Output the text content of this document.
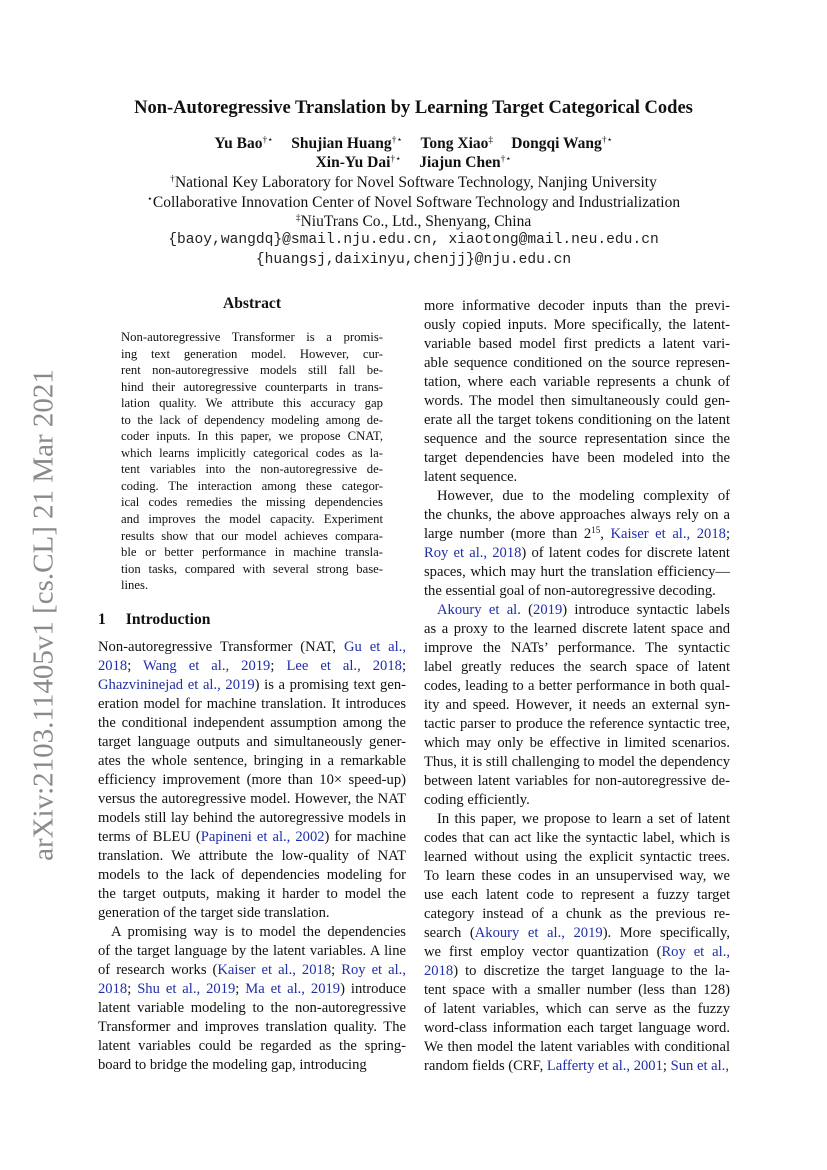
arXiv:2103.11405v1 [cs.CL] 21 Mar 2021
Non-Autoregressive Translation by Learning Target Categorical Codes
Yu Bao†⋆ Shujian Huang†⋆ Tong Xiao‡ Dongqi Wang†⋆
Xin-Yu Dai†⋆ Jiajun Chen†⋆
†National Key Laboratory for Novel Software Technology, Nanjing University
⋆Collaborative Innovation Center of Novel Software Technology and Industrialization
‡NiuTrans Co., Ltd., Shenyang, China
{baoy,wangdq}@smail.nju.edu.cn, xiaotong@mail.neu.edu.cn
{huangsj,daixinyu,chenjj}@nju.edu.cn
Abstract
Non-autoregressive Transformer is a promis-
ing text generation model. However, cur-
rent non-autoregressive models still fall be-
hind their autoregressive counterparts in trans-
lation quality. We attribute this accuracy gap
to the lack of dependency modeling among de-
coder inputs. In this paper, we propose CNAT,
which learns implicitly categorical codes as la-
tent variables into the non-autoregressive de-
coding. The interaction among these categor-
ical codes remedies the missing dependencies
and improves the model capacity. Experiment
results show that our model achieves compara-
ble or better performance in machine transla-
tion tasks, compared with several strong base-
lines.
1 Introduction
Non-autoregressive Transformer (NAT, Gu et al.,
2018; Wang et al., 2019; Lee et al., 2018;
Ghazvininejad et al., 2019) is a promising text gen-
eration model for machine translation. It introduces
the conditional independent assumption among the
target language outputs and simultaneously gener-
ates the whole sentence, bringing in a remarkable
efficiency improvement (more than 10× speed-up)
versus the autoregressive model. However, the NAT
models still lay behind the autoregressive models in
terms of BLEU (Papineni et al., 2002) for machine
translation. We attribute the low-quality of NAT
models to the lack of dependencies modeling for
the target outputs, making it harder to model the
generation of the target side translation.
A promising way is to model the dependencies
of the target language by the latent variables. A line
of research works (Kaiser et al., 2018; Roy et al.,
2018; Shu et al., 2019; Ma et al., 2019) introduce
latent variable modeling to the non-autoregressive
Transformer and improves translation quality. The
latent variables could be regarded as the spring-
board to bridge the modeling gap, introducing
more informative decoder inputs than the previ-
ously copied inputs. More specifically, the latent-
variable based model first predicts a latent vari-
able sequence conditioned on the source represen-
tation, where each variable represents a chunk of
words. The model then simultaneously could gen-
erate all the target tokens conditioning on the latent
sequence and the source representation since the
target dependencies have been modeled into the
latent sequence.
However, due to the modeling complexity of
the chunks, the above approaches always rely on a
large number (more than $2^{15}$, Kaiser et al., 2018;
Roy et al., 2018) of latent codes for discrete latent
spaces, which may hurt the translation efficiency—
the essential goal of non-autoregressive decoding.
Akoury et al. (2019) introduce syntactic labels
as a proxy to the learned discrete latent space and
improve the NATs’ performance. The syntactic
label greatly reduces the search space of latent
codes, leading to a better performance in both qual-
ity and speed. However, it needs an external syn-
tactic parser to produce the reference syntactic tree,
which may only be effective in limited scenarios.
Thus, it is still challenging to model the dependency
between latent variables for non-autoregressive de-
coding efficiently.
In this paper, we propose to learn a set of latent
codes that can act like the syntactic label, which is
learned without using the explicit syntactic trees.
To learn these codes in an unsupervised way, we
use each latent code to represent a fuzzy target
category instead of a chunk as the previous re-
search (Akoury et al., 2019). More specifically,
we first employ vector quantization (Roy et al.,
2018) to discretize the target language to the la-
tent space with a smaller number (less than 128)
of latent variables, which can serve as the fuzzy
word-class information each target language word.
We then model the latent variables with conditional
random fields (CRF, Lafferty et al., 2001; Sun et al.,
